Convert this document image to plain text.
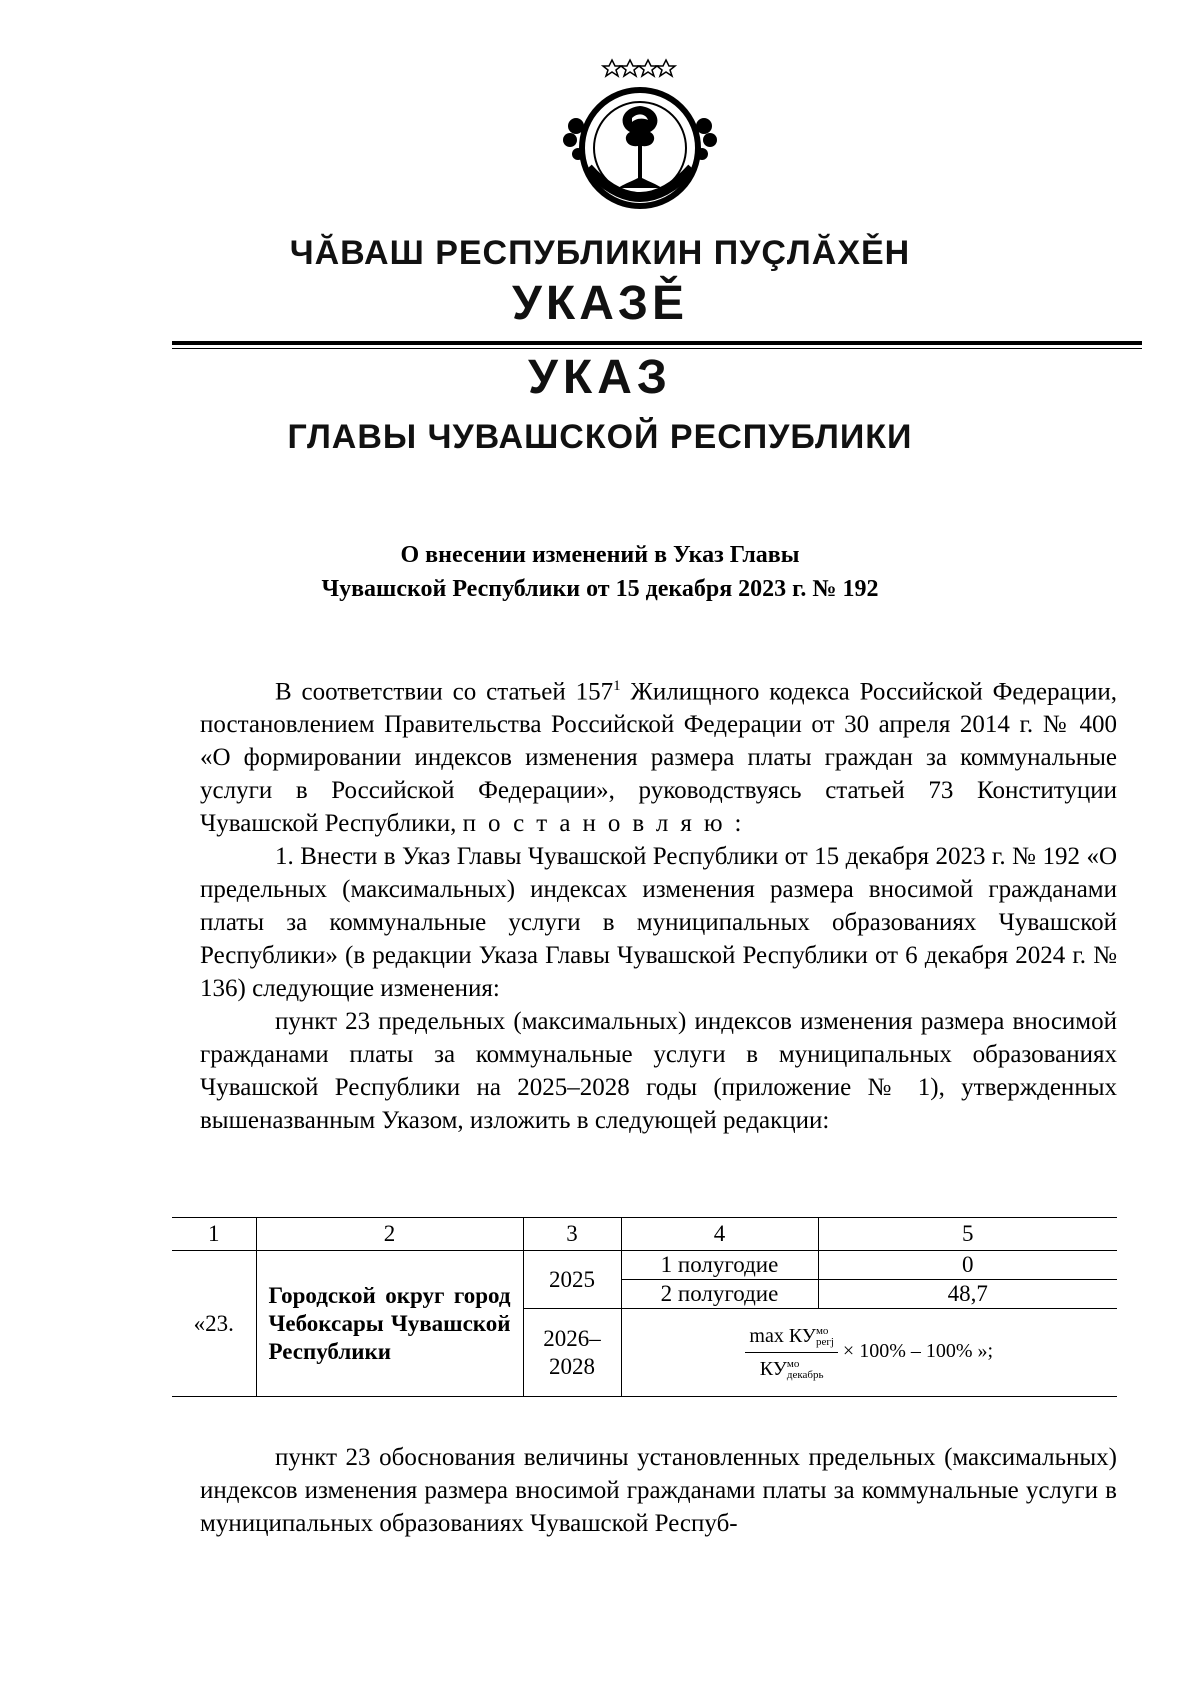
ЧĂВАШ РЕСПУБЛИКИН ПУÇЛĂХĚН
УКАЗĚ
УКАЗ
ГЛАВЫ ЧУВАШСКОЙ РЕСПУБЛИКИ
О внесении изменений в Указ Главы
Чувашской Республики от 15 декабря 2023 г. № 192

В соответствии со статьей $157^1$ Жилищного кодекса Российской Федерации, постановлением Правительства Российской Федерации от 30 апреля 2014 г. № 400 «О формировании индексов изменения размера платы граждан за коммунальные услуги в Российской Федерации», руководствуясь статьей 73 Конституции Чувашской Республики, постановляю:

1. Внести в Указ Главы Чувашской Республики от 15 декабря 2023 г. № 192 «О предельных (максимальных) индексах изменения размера вносимой гражданами платы за коммунальные услуги в муниципальных образованиях Чувашской Республики» (в редакции Указа Главы Чувашской Республики от 6 декабря 2024 г. № 136) следующие изменения:

пункт 23 предельных (максимальных) индексов изменения размера вносимой гражданами платы за коммунальные услуги в муниципальных образованиях Чувашской Республики на 2025–2028 годы (приложение № 1), утвержденных вышеназванным Указом, изложить в следующей редакции:

1	2	3	4	5
«23.	Городской округ город Чебоксары Чувашской Республики	2025	1 полугодие	0
			2 полугодие	48,7
		2026–2028	max КУмо
регj
КУмо
декабрь
× 100% – 100% »;	

пункт 23 обоснования величины установленных предельных (максимальных) индексов изменения размера вносимой гражданами платы за коммунальные услуги в муниципальных образованиях Чувашской Респуб-
